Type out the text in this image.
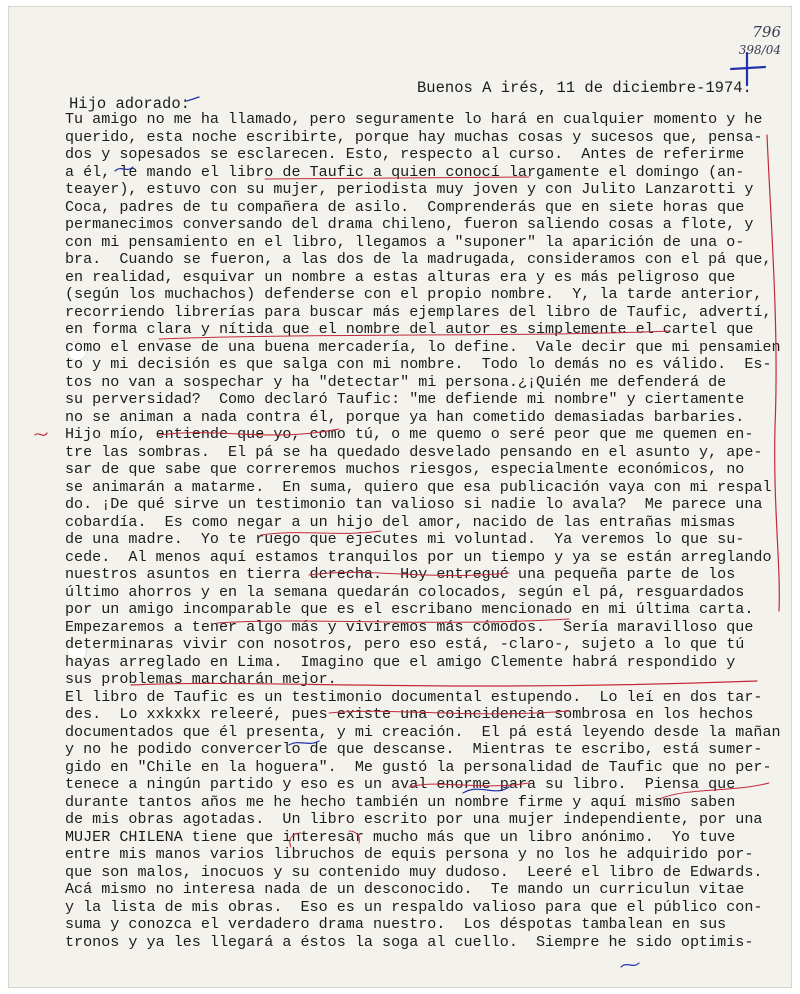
796
398/04
Buenos A irés, 11 de diciembre-1974.
Hijo adorado:
Tu amigo no me ha llamado, pero seguramente lo hará en cualquier momento y he
querido, esta noche escribirte, porque hay muchas cosas y sucesos que, pensa-
dos y sopesados se esclarecen. Esto, respecto al curso.  Antes de referirme
a él, le mando el libro de Taufic a quien conocí largamente el domingo (an-
teayer), estuvo con su mujer, periodista muy joven y con Julito Lanzarotti y
Coca, padres de tu compañera de asilo.  Comprenderás que en siete horas que
permanecimos conversando del drama chileno, fueron saliendo cosas a flote, y
con mi pensamiento en el libro, llegamos a "suponer" la aparición de una o-
bra.  Cuando se fueron, a las dos de la madrugada, consideramos con el pá que,
en realidad, esquivar un nombre a estas alturas era y es más peligroso que
(según los muchachos) defenderse con el propio nombre.  Y, la tarde anterior,
recorriendo librerías para buscar más ejemplares del libro de Taufic, advertí,
en forma clara y nítida que el nombre del autor es simplemente el cartel que
como el envase de una buena mercadería, lo define.  Vale decir que mi pensamien
to y mi decisión es que salga con mi nombre.  Todo lo demás no es válido.  Es-
tos no van a sospechar y ha "detectar" mi persona.¿¡Quién me defenderá de
su perversidad?  Como declaró Taufic: "me defiende mi nombre" y ciertamente
no se animan a nada contra él, porque ya han cometido demasiadas barbaries.
Hijo mío, entiende que yo, como tú, o me quemo o seré peor que me quemen en-
tre las sombras.  El pá se ha quedado desvelado pensando en el asunto y, ape-
sar de que sabe que correremos muchos riesgos, especialmente económicos, no
se animarán a matarme.  En suma, quiero que esa publicación vaya con mi respal
do. ¡De qué sirve un testimonio tan valioso si nadie lo avala?  Me parece una
cobardía.  Es como negar a un hijo del amor, nacido de las entrañas mismas
de una madre.  Yo te ruego que ejecutes mi voluntad.  Ya veremos lo que su-
cede.  Al menos aquí estamos tranquilos por un tiempo y ya se están arreglando
nuestros asuntos en tierra derecha.  Hoy entregué una pequeña parte de los
último ahorros y en la semana quedarán colocados, según el pá, resguardados
por un amigo incomparable que es el escribano mencionado en mi última carta.
Empezaremos a tener algo más y viviremos más cómodos.  Sería maravilloso que
determinaras vivir con nosotros, pero eso está, -claro-, sujeto a lo que tú
hayas arreglado en Lima.  Imagino que el amigo Clemente habrá respondido y
sus problemas marcharán mejor.
El libro de Taufic es un testimonio documental estupendo.  Lo leí en dos tar-
des.  Lo xxkxkx releeré, pues existe una coincidencia sombrosa en los hechos
documentados que él presenta, y mi creación.  El pá está leyendo desde la mañan
y no he podido convercerlo de que descanse.  Mientras te escribo, está sumer-
gido en "Chile en la hoguera".  Me gustó la personalidad de Taufic que no per-
tenece a ningún partido y eso es un aval enorme para su libro.  Piensa que
durante tantos años me he hecho también un nombre firme y aquí mismo saben
de mis obras agotadas.  Un libro escrito por una mujer independiente, por una
MUJER CHILENA tiene que interesar mucho más que un libro anónimo.  Yo tuve
entre mis manos varios libruchos de equis persona y no los he adquirido por-
que son malos, inocuos y su contenido muy dudoso.  Leeré el libro de Edwards.
Acá mismo no interesa nada de un desconocido.  Te mando un curriculun vitae
y la lista de mis obras.  Eso es un respaldo valioso para que el público con-
suma y conozca el verdadero drama nuestro.  Los déspotas tambalean en sus
tronos y ya les llegará a éstos la soga al cuello.  Siempre he sido optimis-
